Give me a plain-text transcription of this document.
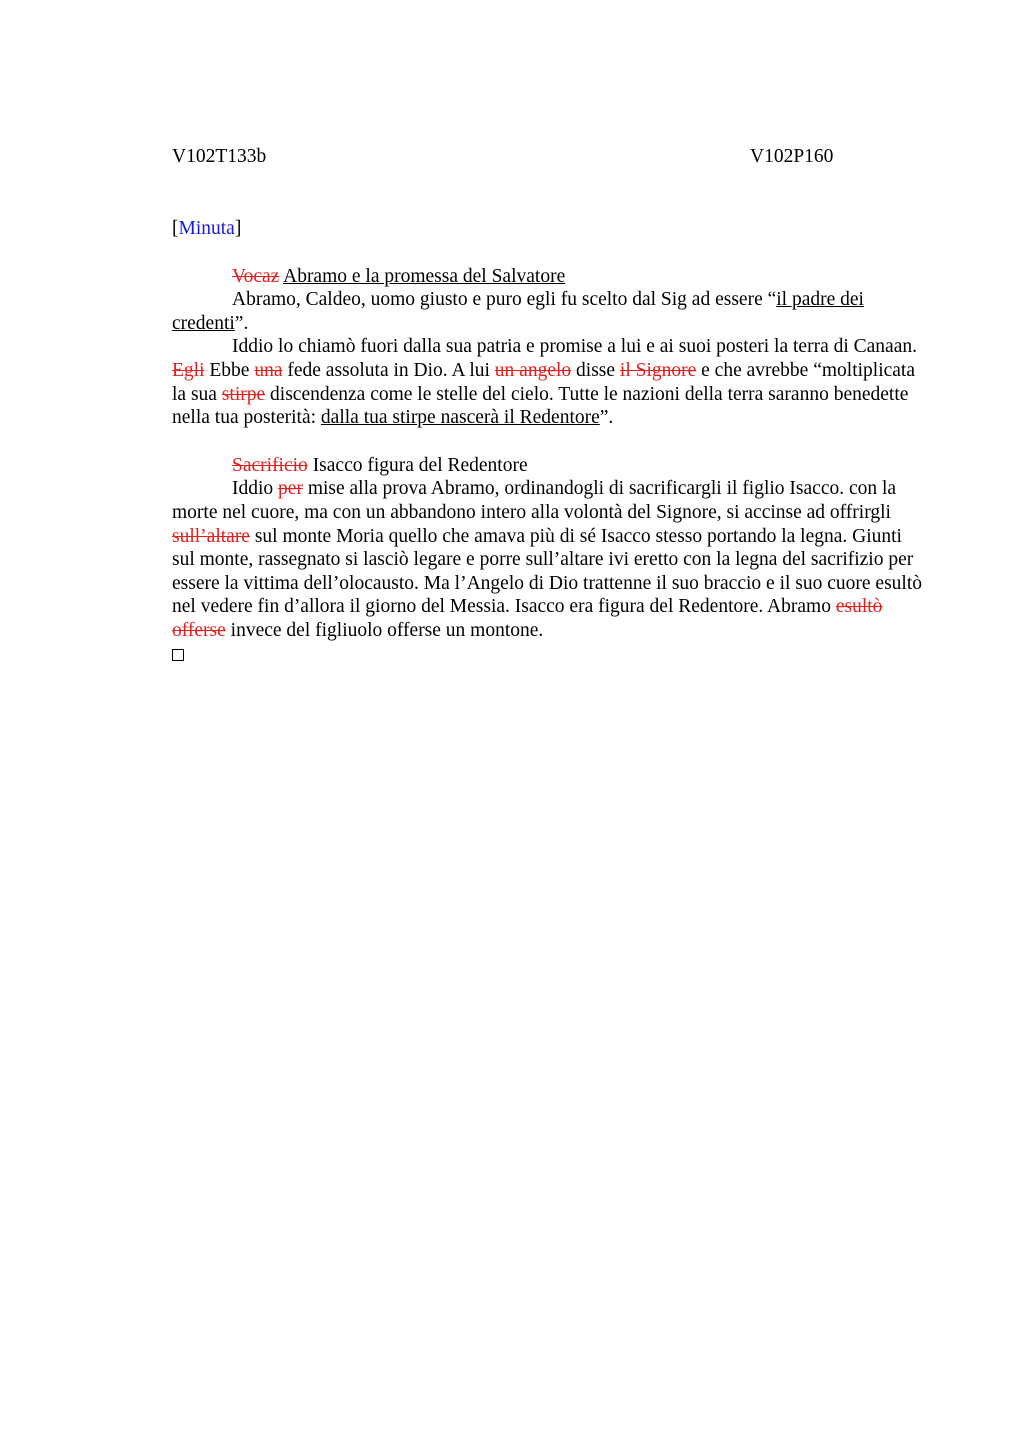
V102T133b	V102P160
[Minuta]
Vocaz Abramo e la promessa del Salvatore

Abramo, Caldeo, uomo giusto e puro egli fu scelto dal Sig ad essere “il padre dei credenti”.

Iddio lo chiamò fuori dalla sua patria e promise a lui e ai suoi posteri la terra di Canaan. Egli Ebbe una fede assoluta in Dio. A lui un angelo disse il Signore e che avrebbe “moltiplicata la sua stirpe discendenza come le stelle del cielo. Tutte le nazioni della terra saranno benedette nella tua posterità: dalla tua stirpe nascerà il Redentore”.

Sacrificio Isacco figura del Redentore

Iddio per mise alla prova Abramo, ordinandogli di sacrificargli il figlio Isacco. con la morte nel cuore, ma con un abbandono intero alla volontà del Signore, si accinse ad offrirgli sull’altare sul monte Moria quello che amava più di sé Isacco stesso portando la legna. Giunti sul monte, rassegnato si lasciò legare e porre sull’altare ivi eretto con la legna del sacrifizio per essere la vittima dell’olocausto. Ma l’Angelo di Dio trattenne il suo braccio e il suo cuore esultò nel vedere fin d’allora il giorno del Messia. Isacco era figura del Redentore. Abramo esultò offerse invece del figliuolo offerse un montone.
